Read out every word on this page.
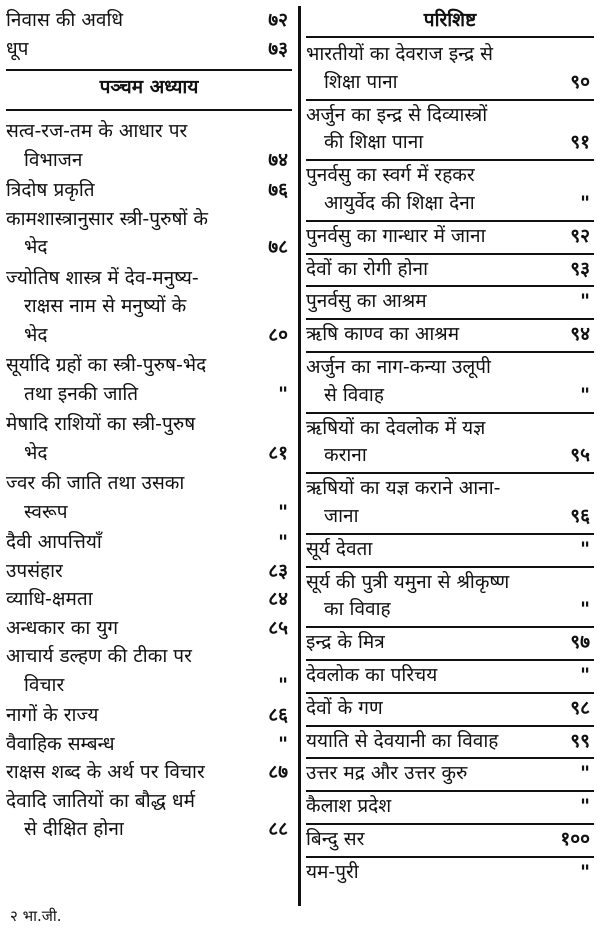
निवास की अवधि	७२
धूप	७३
पञ्चम अध्याय
सत्व-रज-तम के आधार पर
विभाजन	७४
त्रिदोष प्रकृति	७६
कामशास्त्रानुसार स्त्री-पुरुषों के
भेद	७८
ज्योतिष शास्त्र में देव-मनुष्य-
राक्षस नाम से मनुष्यों के
भेद	८०
सूर्यादि ग्रहों का स्त्री-पुरुष-भेद
तथा इनकी जाति	"
मेषादि राशियों का स्त्री-पुरुष
भेद	८१
ज्वर की जाति तथा उसका
स्वरूप	"
दैवी आपत्तियाँ	"
उपसंहार	८३
व्याधि-क्षमता	८४
अन्धकार का युग	८५
आचार्य डल्हण की टीका पर
विचार	"
नागों के राज्य	८६
वैवाहिक सम्बन्ध	"
राक्षस शब्द के अर्थ पर विचार	८७
देवादि जातियों का बौद्ध धर्म
से दीक्षित होना	८८
परिशिष्ट
भारतीयों का देवराज इन्द्र से
शिक्षा पाना	९०
अर्जुन का इन्द्र से दिव्यास्त्रों
की शिक्षा पाना	९१
पुनर्वसु का स्वर्ग में रहकर
आयुर्वेद की शिक्षा देना	"
पुनर्वसु का गान्धार में जाना	९२
देवों का रोगी होना	९३
पुनर्वसु का आश्रम	"
ऋषि काण्व का आश्रम	९४
अर्जुन का नाग-कन्या उलूपी
से विवाह	"
ऋषियों का देवलोक में यज्ञ
कराना	९५
ऋषियों का यज्ञ कराने आना-
जाना	९६
सूर्य देवता	"
सूर्य की पुत्री यमुना से श्रीकृष्ण
का विवाह	"
इन्द्र के मित्र	९७
देवलोक का परिचय	"
देवों के गण	९८
ययाति से देवयानी का विवाह	९९
उत्तर मद्र और उत्तर कुरु	"
कैलाश प्रदेश	"
बिन्दु सर	१००
यम-पुरी	"
२ भा.जी.
